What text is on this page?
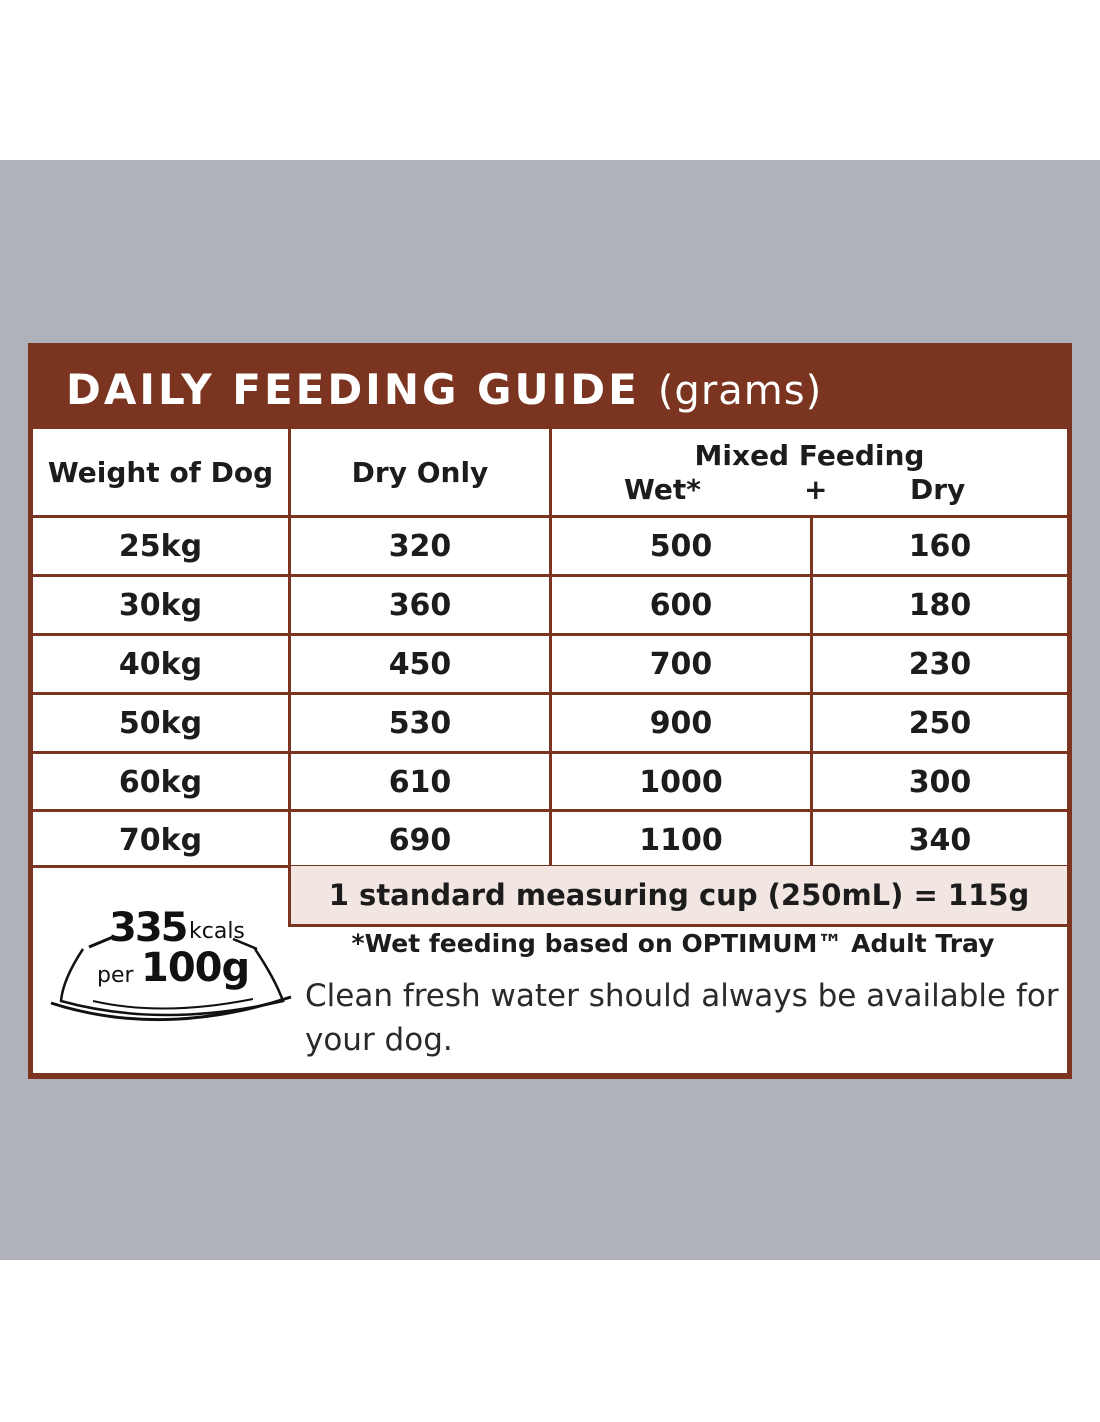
DAILY FEEDING GUIDE (grams)
Weight of Dog	Dry Only	Mixed Feeding
Wet*	+	Dry
25kg	320	500	160
30kg	360	600	180
40kg	450	700	230
50kg	530	900	250
60kg	610	1000	300
70kg	690	1100	340
1 standard measuring cup (250mL) = 115g
335 kcals
per 100g
*Wet feeding based on OPTIMUM™ Adult Tray
Clean fresh water should always be available for your dog.
